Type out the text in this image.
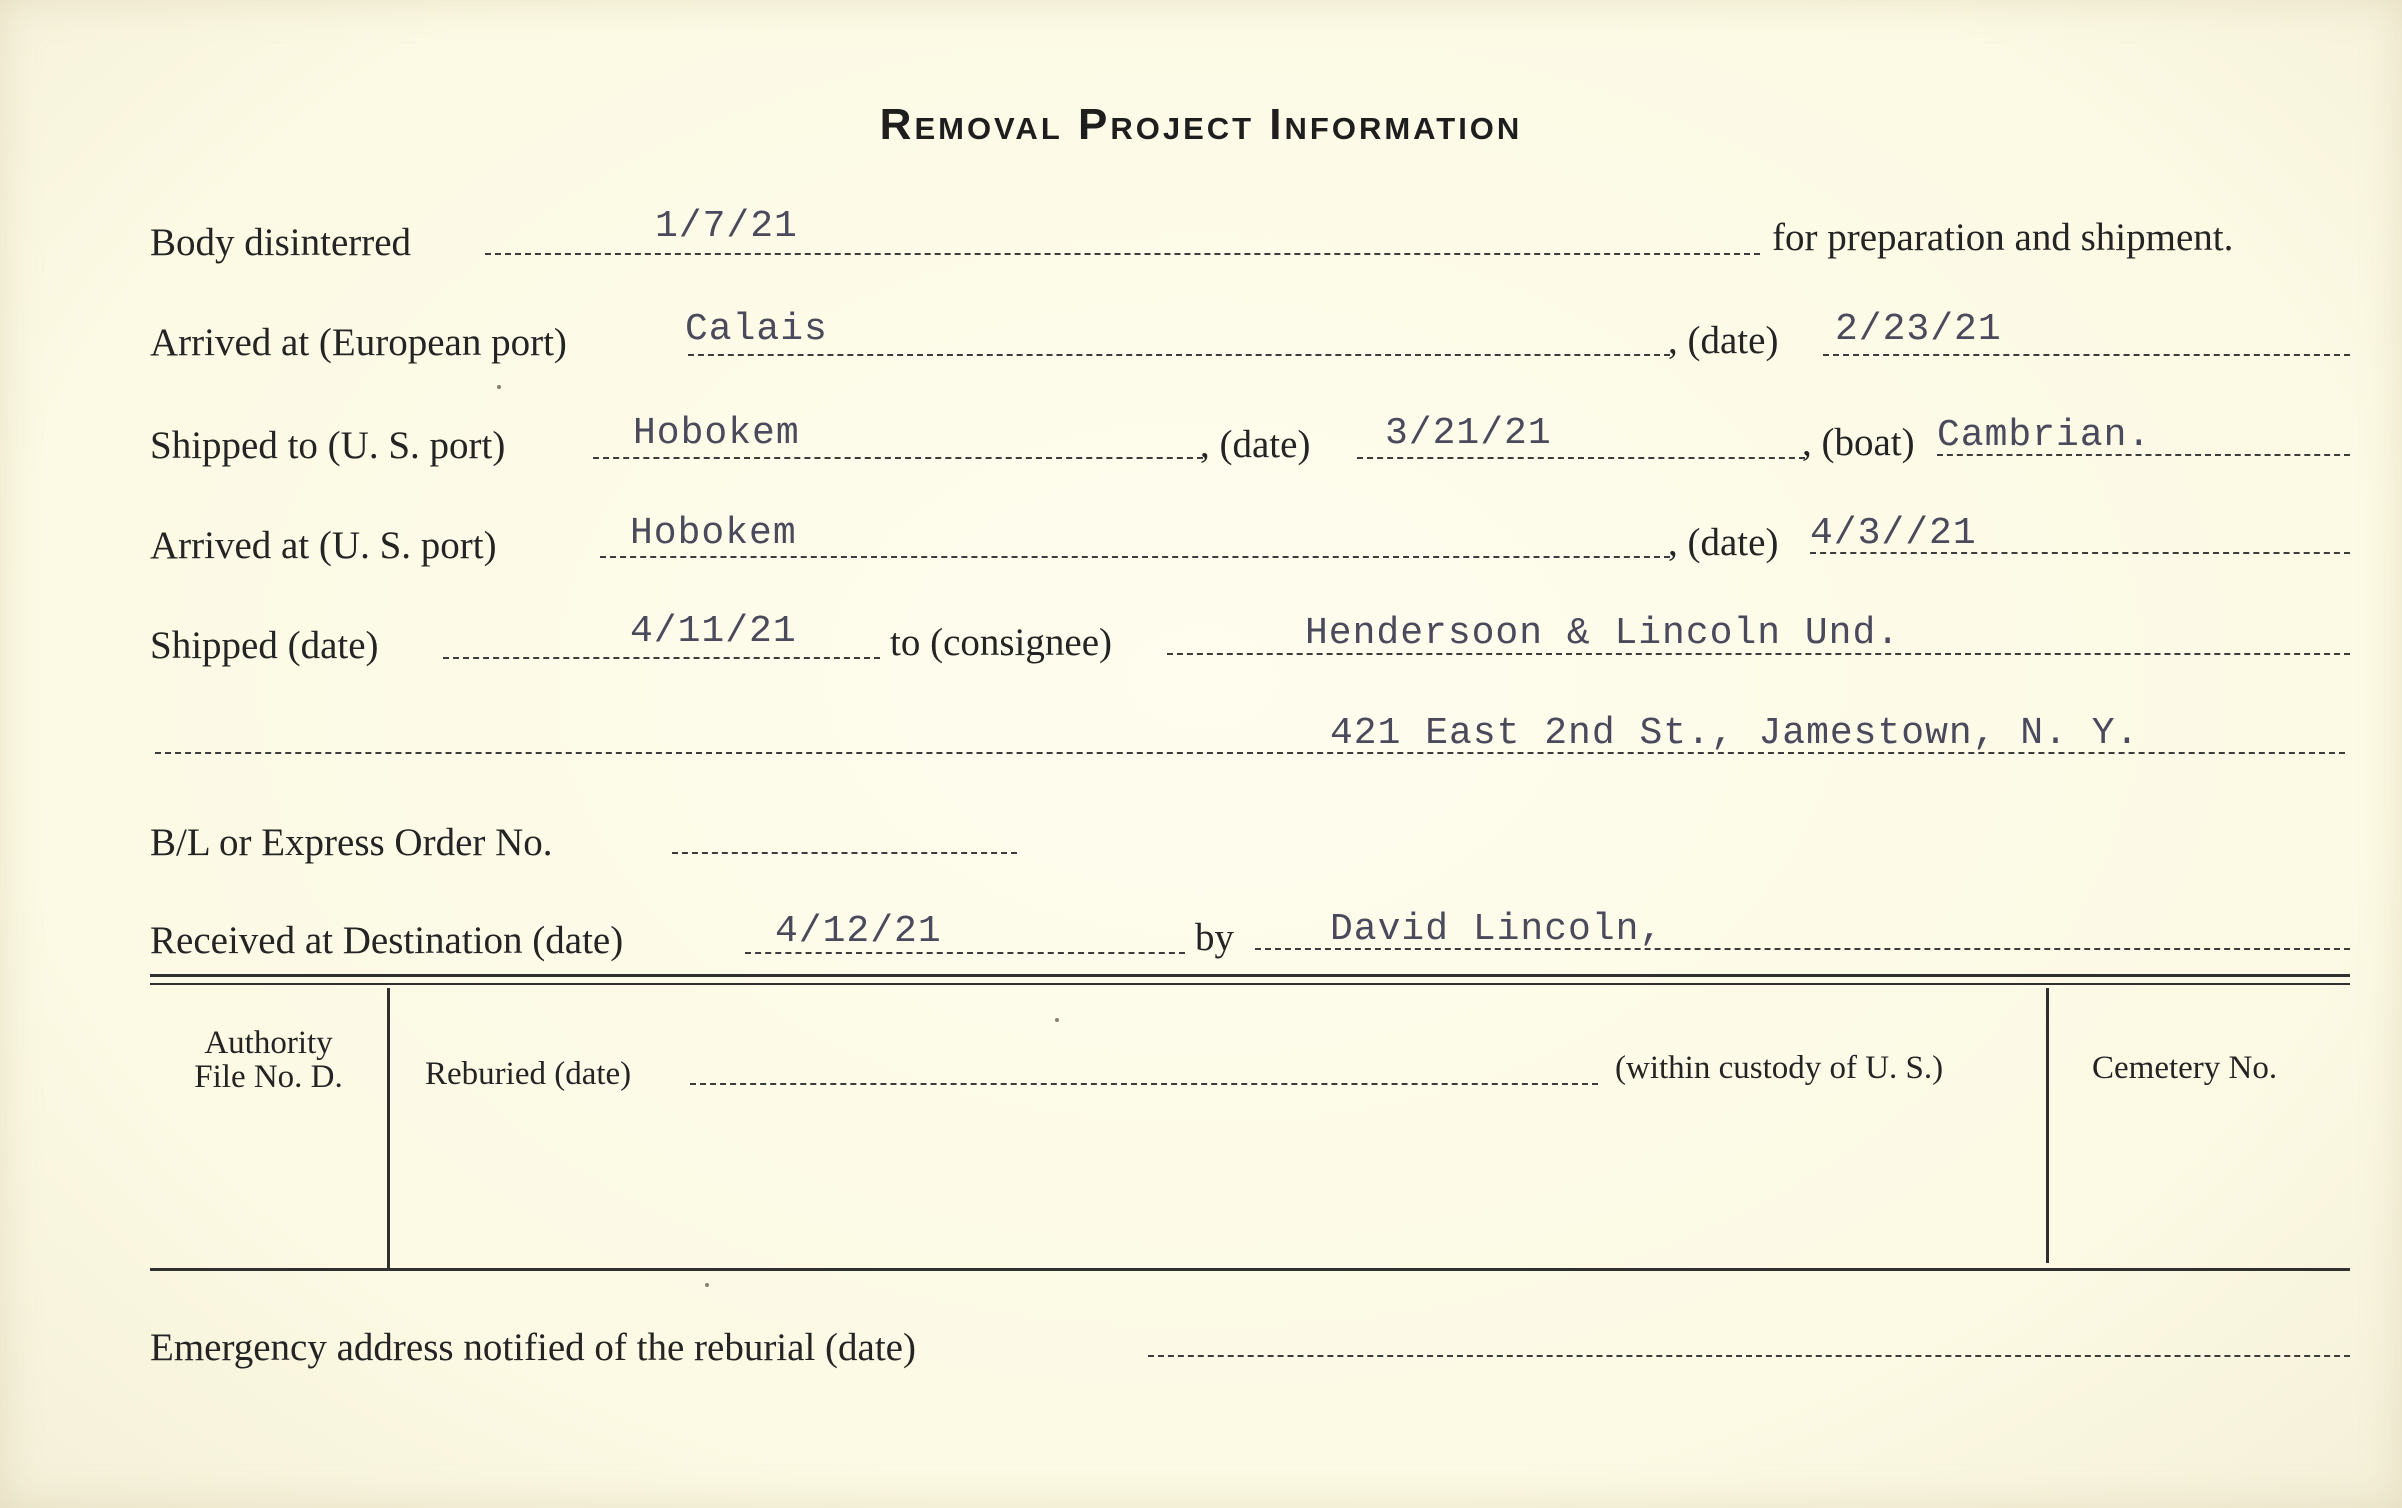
Removal Project Information
Body disinterred	1/7/21	for preparation and shipment.
Arrived at (European port)	Calais	, (date) 2/23/21
Shipped to (U. S. port)	Hobokem	, (date) 3/21/21	, (boat) Cambrian.
Arrived at (U. S. port)	Hobokem	, (date) 4/3//21
Shipped (date)	4/11/21 to (consignee)	Hendersoon & Lincoln Und.
421 East 2nd St., Jamestown, N. Y.
B/L or Express Order No.
Received at Destination (date)	4/12/21	by	David Lincoln,
Authority
File No. D.	Reburied (date)	(within custody of U. S.)	Cemetery No.
Emergency address notified of the reburial (date)
